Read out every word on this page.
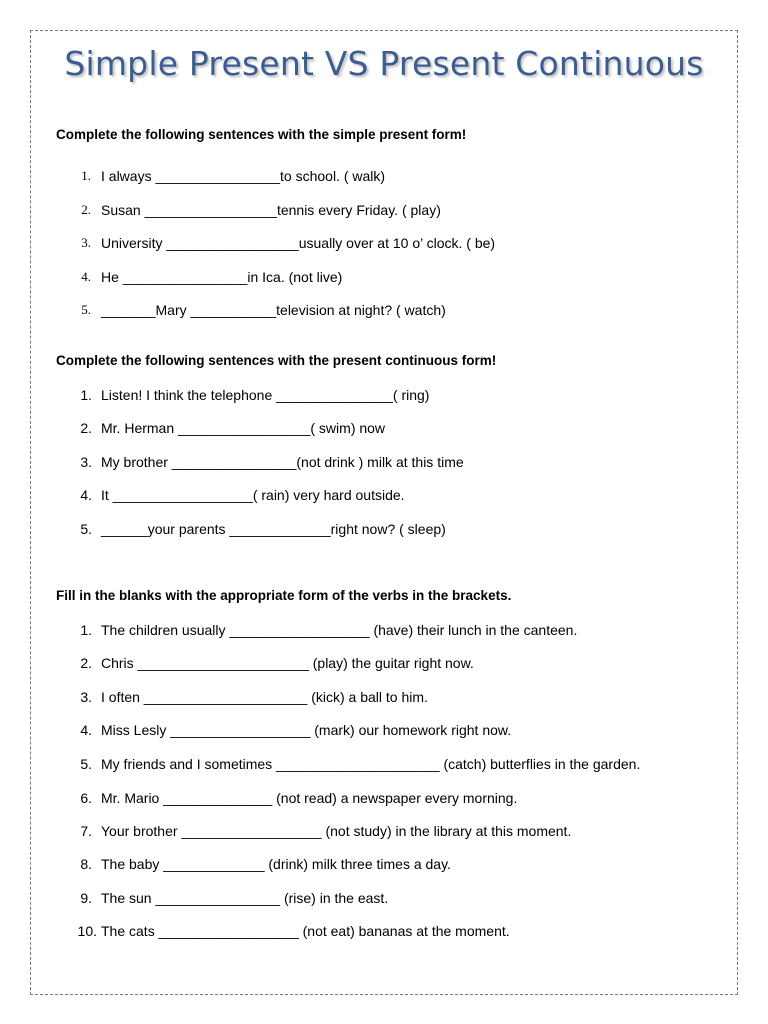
Simple Present VS Present Continuous

Complete the following sentences with the simple present form!

1. I always ________________to school. ( walk)
2. Susan _________________tennis every Friday. ( play)
3. University _________________usually over at 10 o’ clock. ( be)
4. He ________________in Ica. (not live)
5. _______Mary ___________television at night? ( watch)

Complete the following sentences with the present continuous form!

1. Listen! I think the telephone _______________( ring)
2. Mr. Herman _________________( swim) now
3. My brother ________________(not drink ) milk at this time
4. It __________________( rain) very hard outside.
5. ______your parents _____________right now? ( sleep)

Fill in the blanks with the appropriate form of the verbs in the brackets.

1. The children usually __________________ (have) their lunch in the canteen.
2. Chris ______________________ (play) the guitar right now.
3. I often _____________________ (kick) a ball to him.
4. Miss Lesly __________________ (mark) our homework right now.
5. My friends and I sometimes _____________________ (catch) butterflies in the garden.
6. Mr. Mario ______________ (not read) a newspaper every morning.
7. Your brother __________________ (not study) in the library at this moment.
8. The baby _____________ (drink) milk three times a day.
9. The sun ________________ (rise) in the east.
10. The cats __________________ (not eat) bananas at the moment.
